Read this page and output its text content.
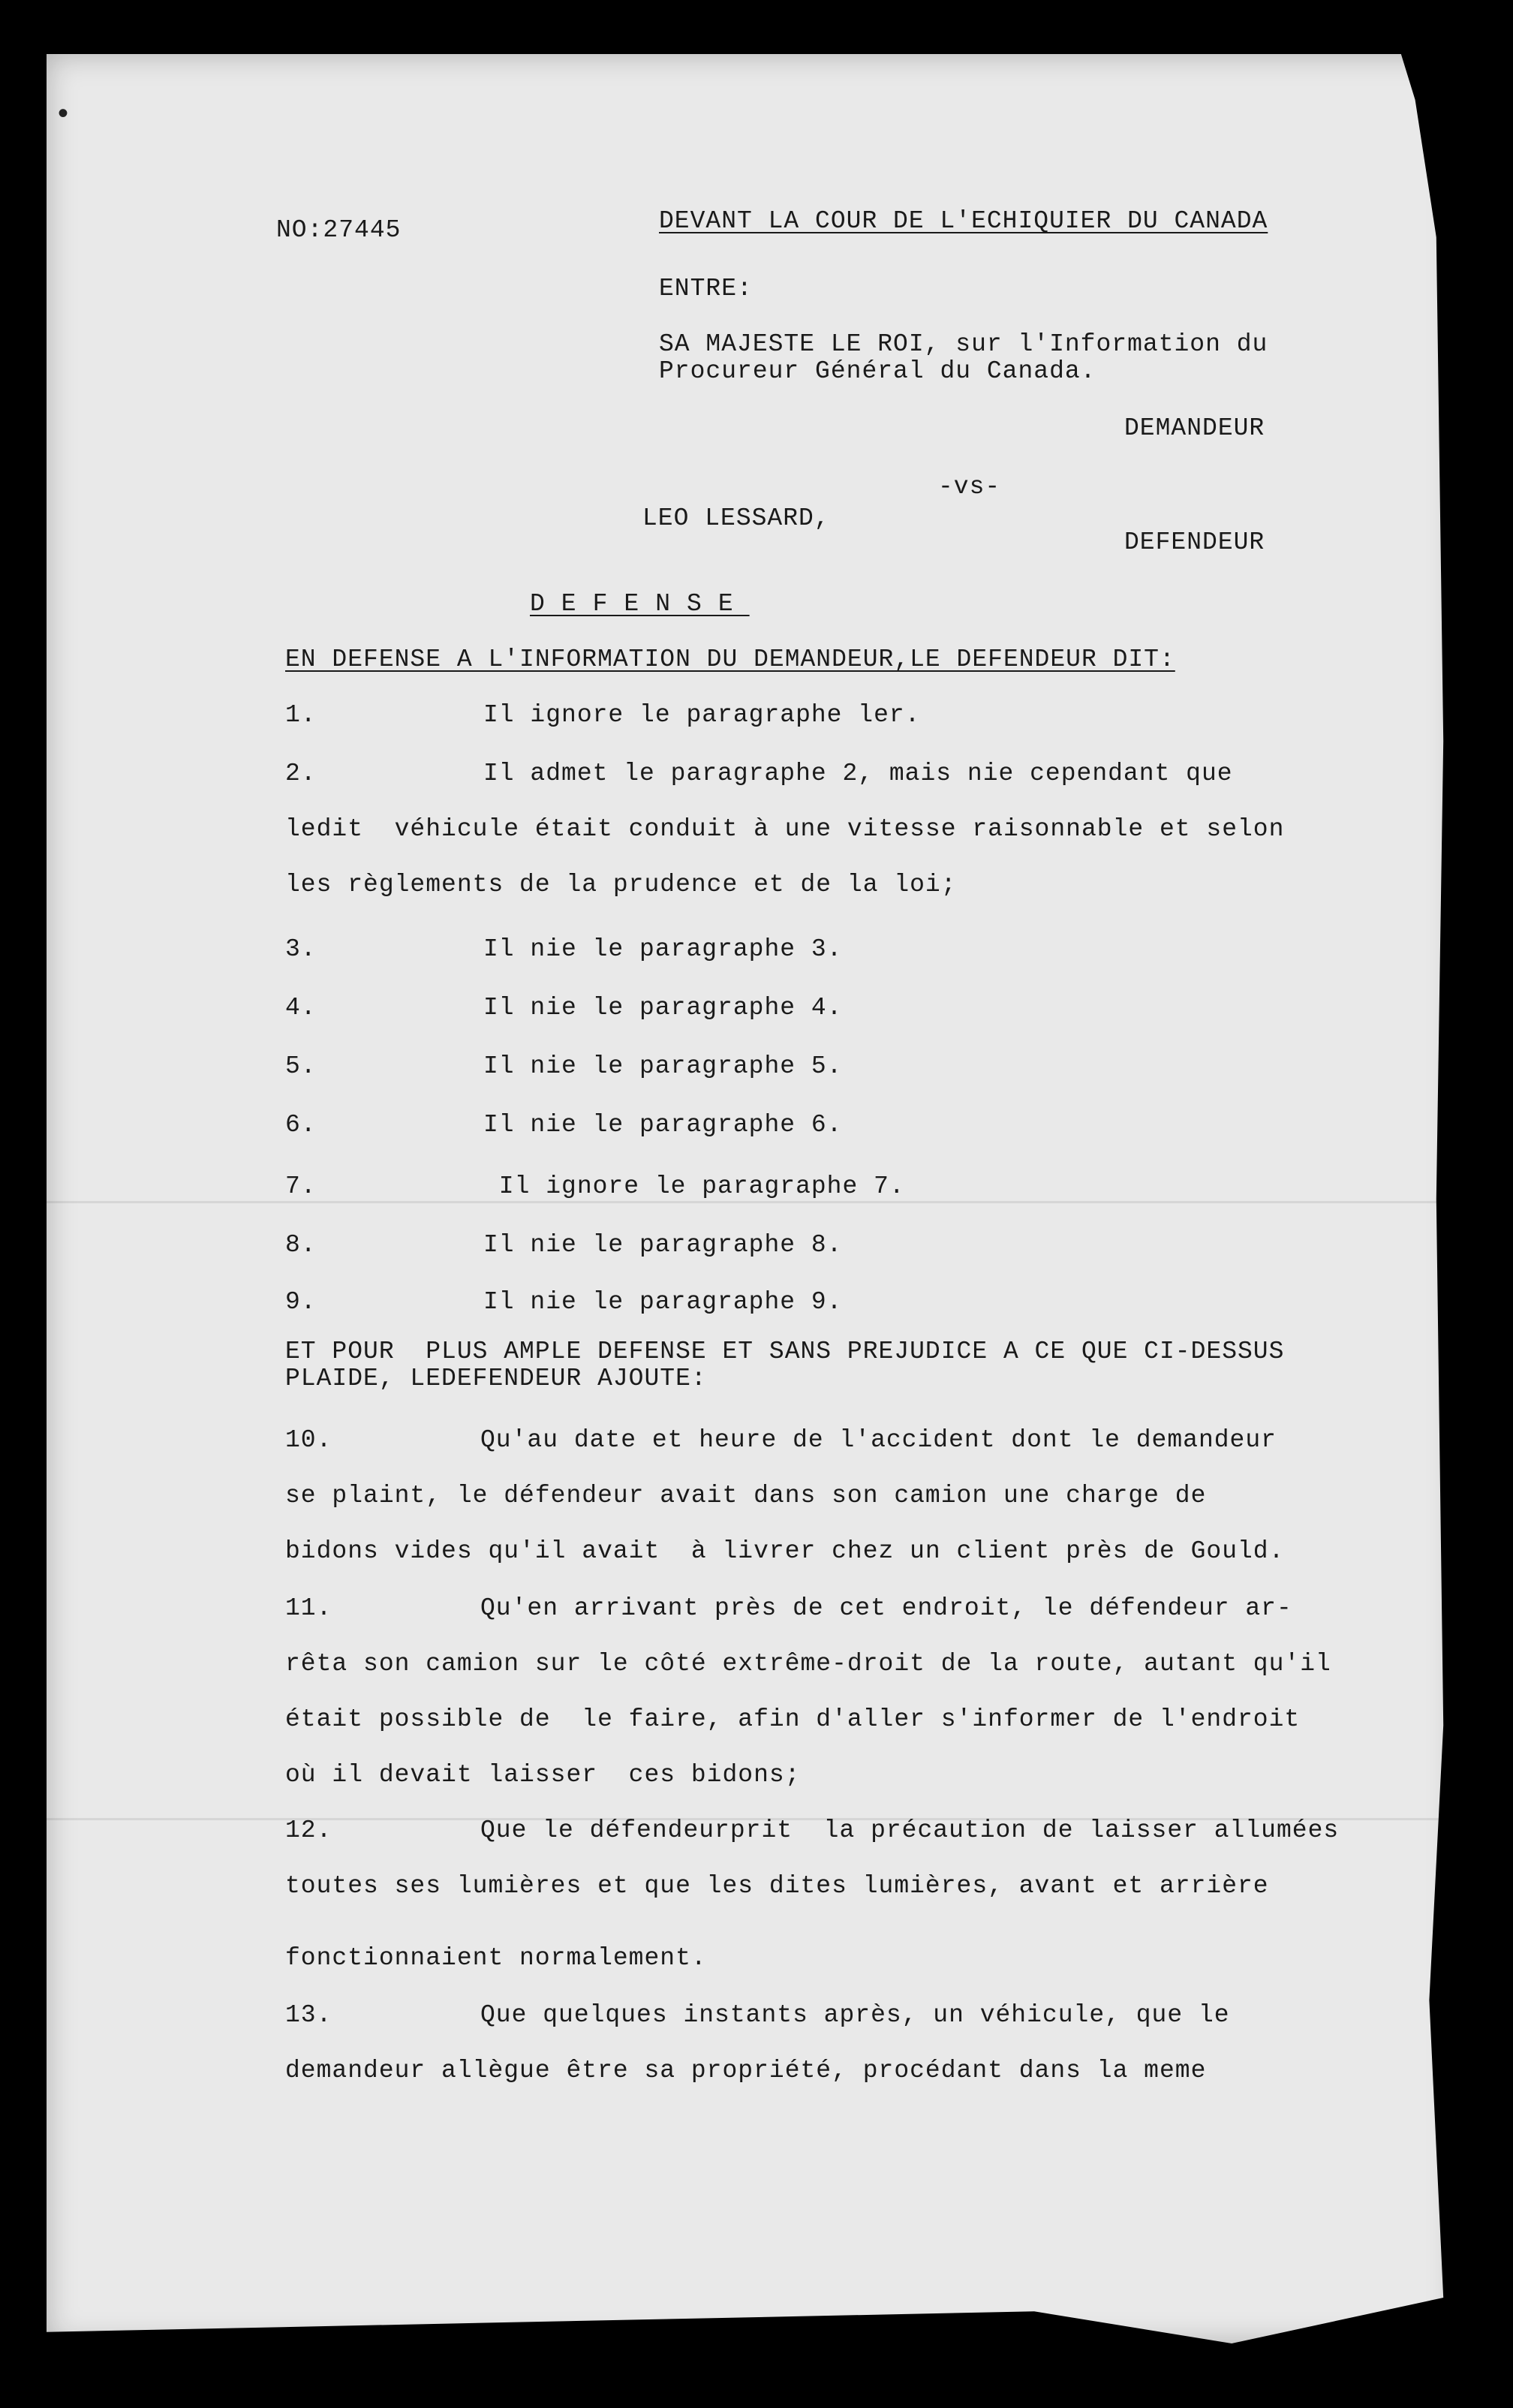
•
NO:27445	DEVANT LA COUR DE L'ECHIQUIER DU CANADA
ENTRE:
SA MAJESTE LE ROI, sur l'Information du
Procureur Général du Canada.
DEMANDEUR
-vs-
LEO LESSARD,
DEFENDEUR
DEFENSE
EN DEFENSE A L'INFORMATION DU DEMANDEUR,LE DEFENDEUR DIT:
1.	Il ignore le paragraphe ler.
2.	Il admet le paragraphe 2, mais nie cependant que
ledit  véhicule était conduit à une vitesse raisonnable et selon
les règlements de la prudence et de la loi;
3.	Il nie le paragraphe 3.
4.	Il nie le paragraphe 4.
5.	Il nie le paragraphe 5.
6.	Il nie le paragraphe 6.
7.	Il ignore le paragraphe 7.
8.	Il nie le paragraphe 8.
9.	Il nie le paragraphe 9.
ET POUR  PLUS AMPLE DEFENSE ET SANS PREJUDICE A CE QUE CI-DESSUS
PLAIDE, LEDEFENDEUR AJOUTE:
10.	Qu'au date et heure de l'accident dont le demandeur
se plaint, le défendeur avait dans son camion une charge de
bidons vides qu'il avait  à livrer chez un client près de Gould.
11.	Qu'en arrivant près de cet endroit, le défendeur ar-
rêta son camion sur le côté extrême-droit de la route, autant qu'il
était possible de  le faire, afin d'aller s'informer de l'endroit
où il devait laisser  ces bidons;
12.	Que le défendeurprit  la précaution de laisser allumées
toutes ses lumières et que les dites lumières, avant et arrière
fonctionnaient normalement.
13.	Que quelques instants après, un véhicule, que le
demandeur allègue être sa propriété, procédant dans la meme
